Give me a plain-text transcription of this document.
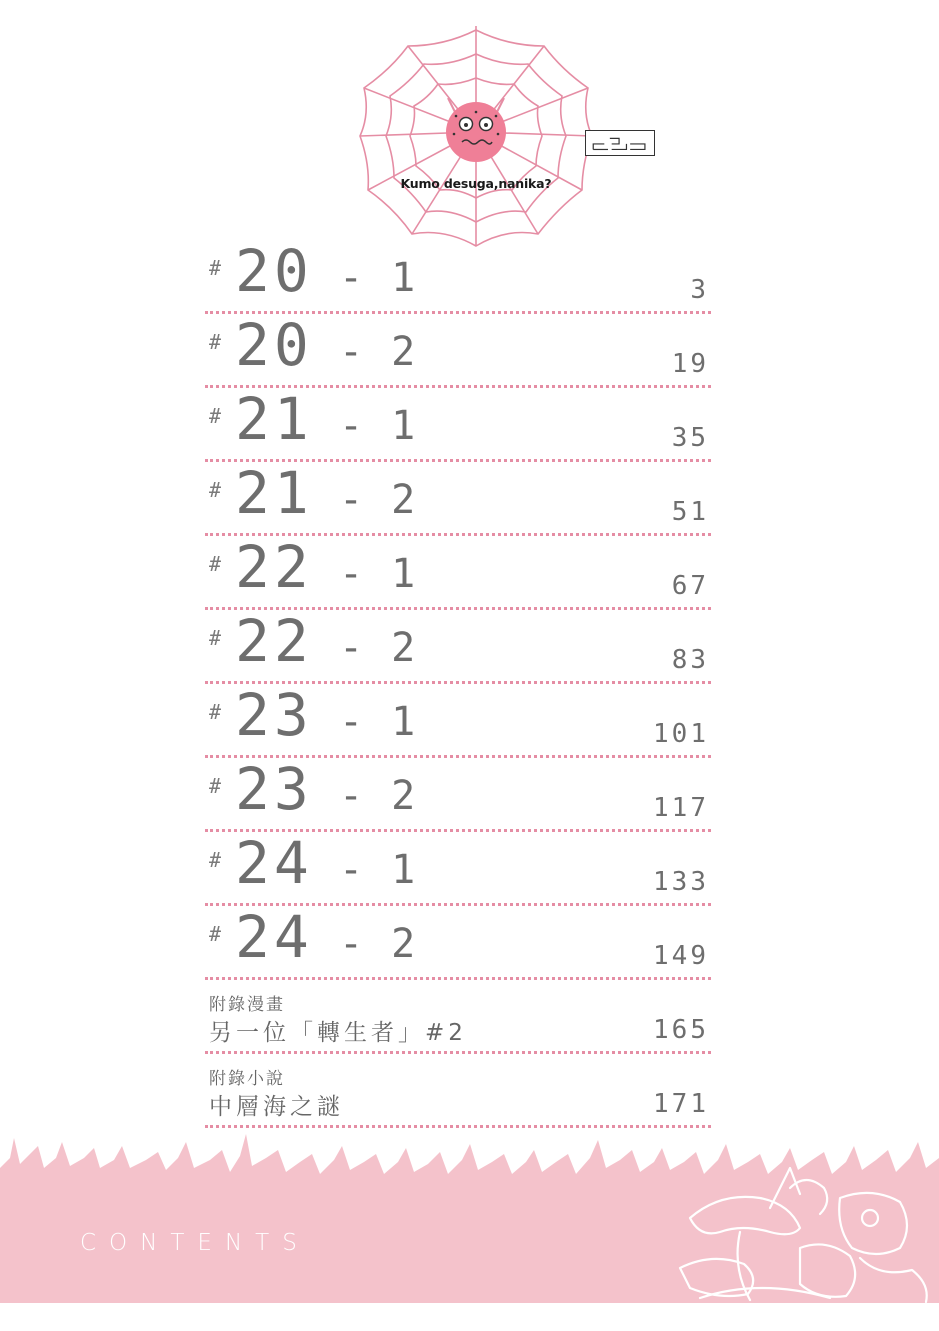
Kumo desuga,nanika?
# 20 - 1	3
# 20 - 2	19
# 21 - 1	35
# 21 - 2	51
# 22 - 1	67
# 22 - 2	83
# 23 - 1	101
# 23 - 2	117
# 24 - 1	133
# 24 - 2	149
附錄漫畫
另一位「轉生者」#2	165
附錄小說
中層海之謎	171
CONTENTS
